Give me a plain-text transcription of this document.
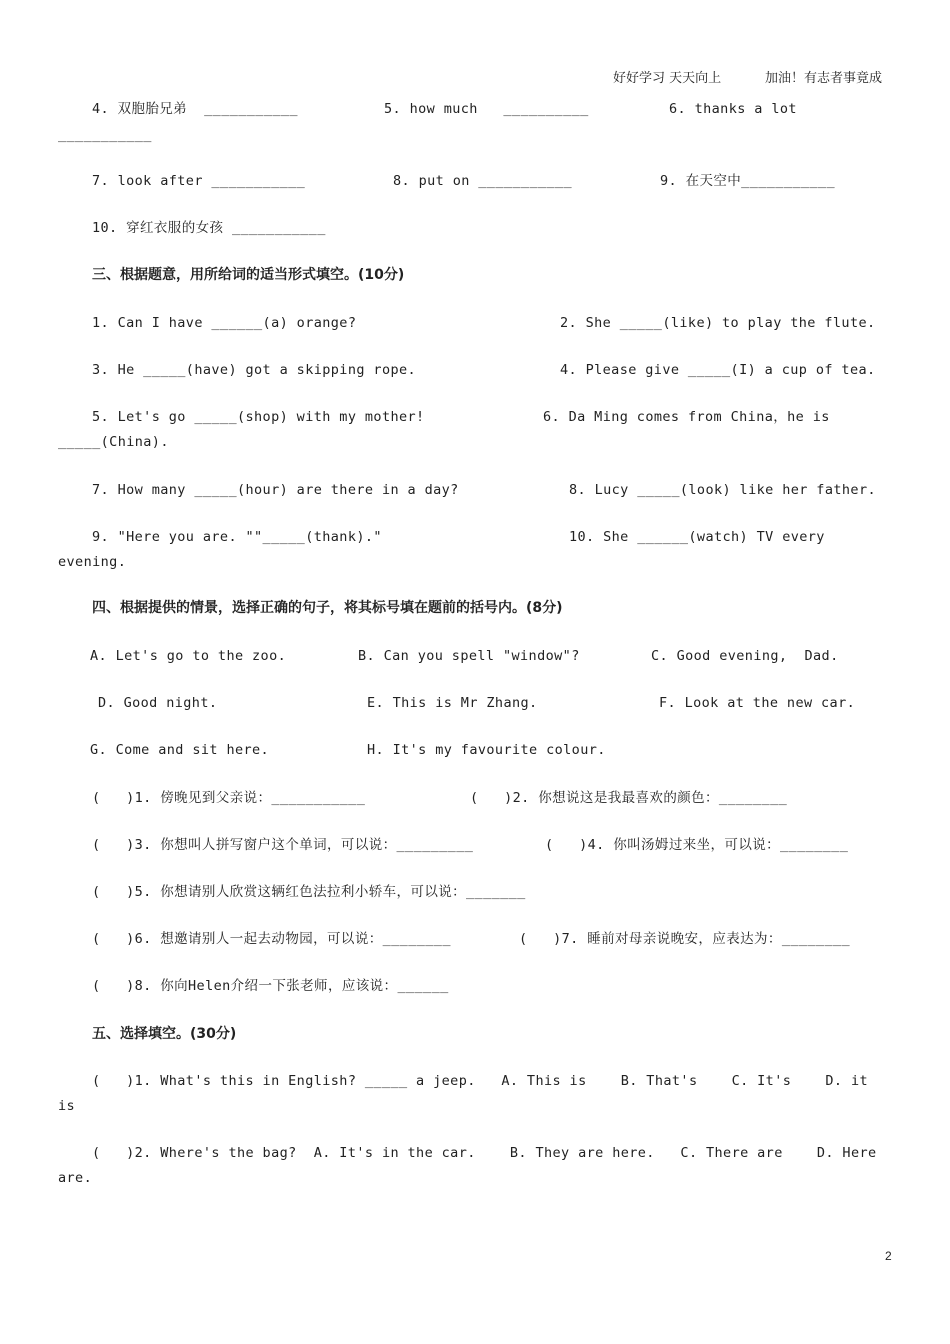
好好学习 天天向上	加油！有志者事竟成
4. 双胞胎兄弟  ___________	5. how much   __________	6. thanks a lot
___________
7. look after ___________	8. put on ___________	9. 在天空中___________
10. 穿红衣服的女孩 ___________
三、根据题意，用所给词的适当形式填空。(10分)
1. Can I have ______(a) orange?	2. She _____(like) to play the flute.
3. He _____(have) got a skipping rope.	4. Please give _____(I) a cup of tea.
5. Let's go _____(shop) with my mother!	6. Da Ming comes from China，he is
_____(China).
7. How many _____(hour) are there in a day?	8. Lucy _____(look) like her father.
9. "Here you are. ""_____(thank)."	10. She ______(watch) TV every
evening.
四、根据提供的情景，选择正确的句子，将其标号填在题前的括号内。(8分)
A. Let's go to the zoo.	B. Can you spell "window"?	C. Good evening,  Dad.
D. Good night.	E. This is Mr Zhang.	F. Look at the new car.
G. Come and sit here.	H. It's my favourite colour.
(   )1. 傍晚见到父亲说：___________	(   )2. 你想说这是我最喜欢的颜色：________
(   )3. 你想叫人拼写窗户这个单词，可以说：_________	(   )4. 你叫汤姆过来坐，可以说：________
(   )5. 你想请别人欣赏这辆红色法拉利小轿车，可以说：_______
(   )6. 想邀请别人一起去动物园，可以说：________	(   )7. 睡前对母亲说晚安，应表达为：________
(   )8. 你向Helen介绍一下张老师，应该说：______
五、选择填空。(30分)
(   )1. What's this in English? _____ a jeep.   A. This is    B. That's    C. It's    D. it
is
(   )2. Where's the bag?  A. It's in the car.    B. They are here.   C. There are    D. Here
are.
2
